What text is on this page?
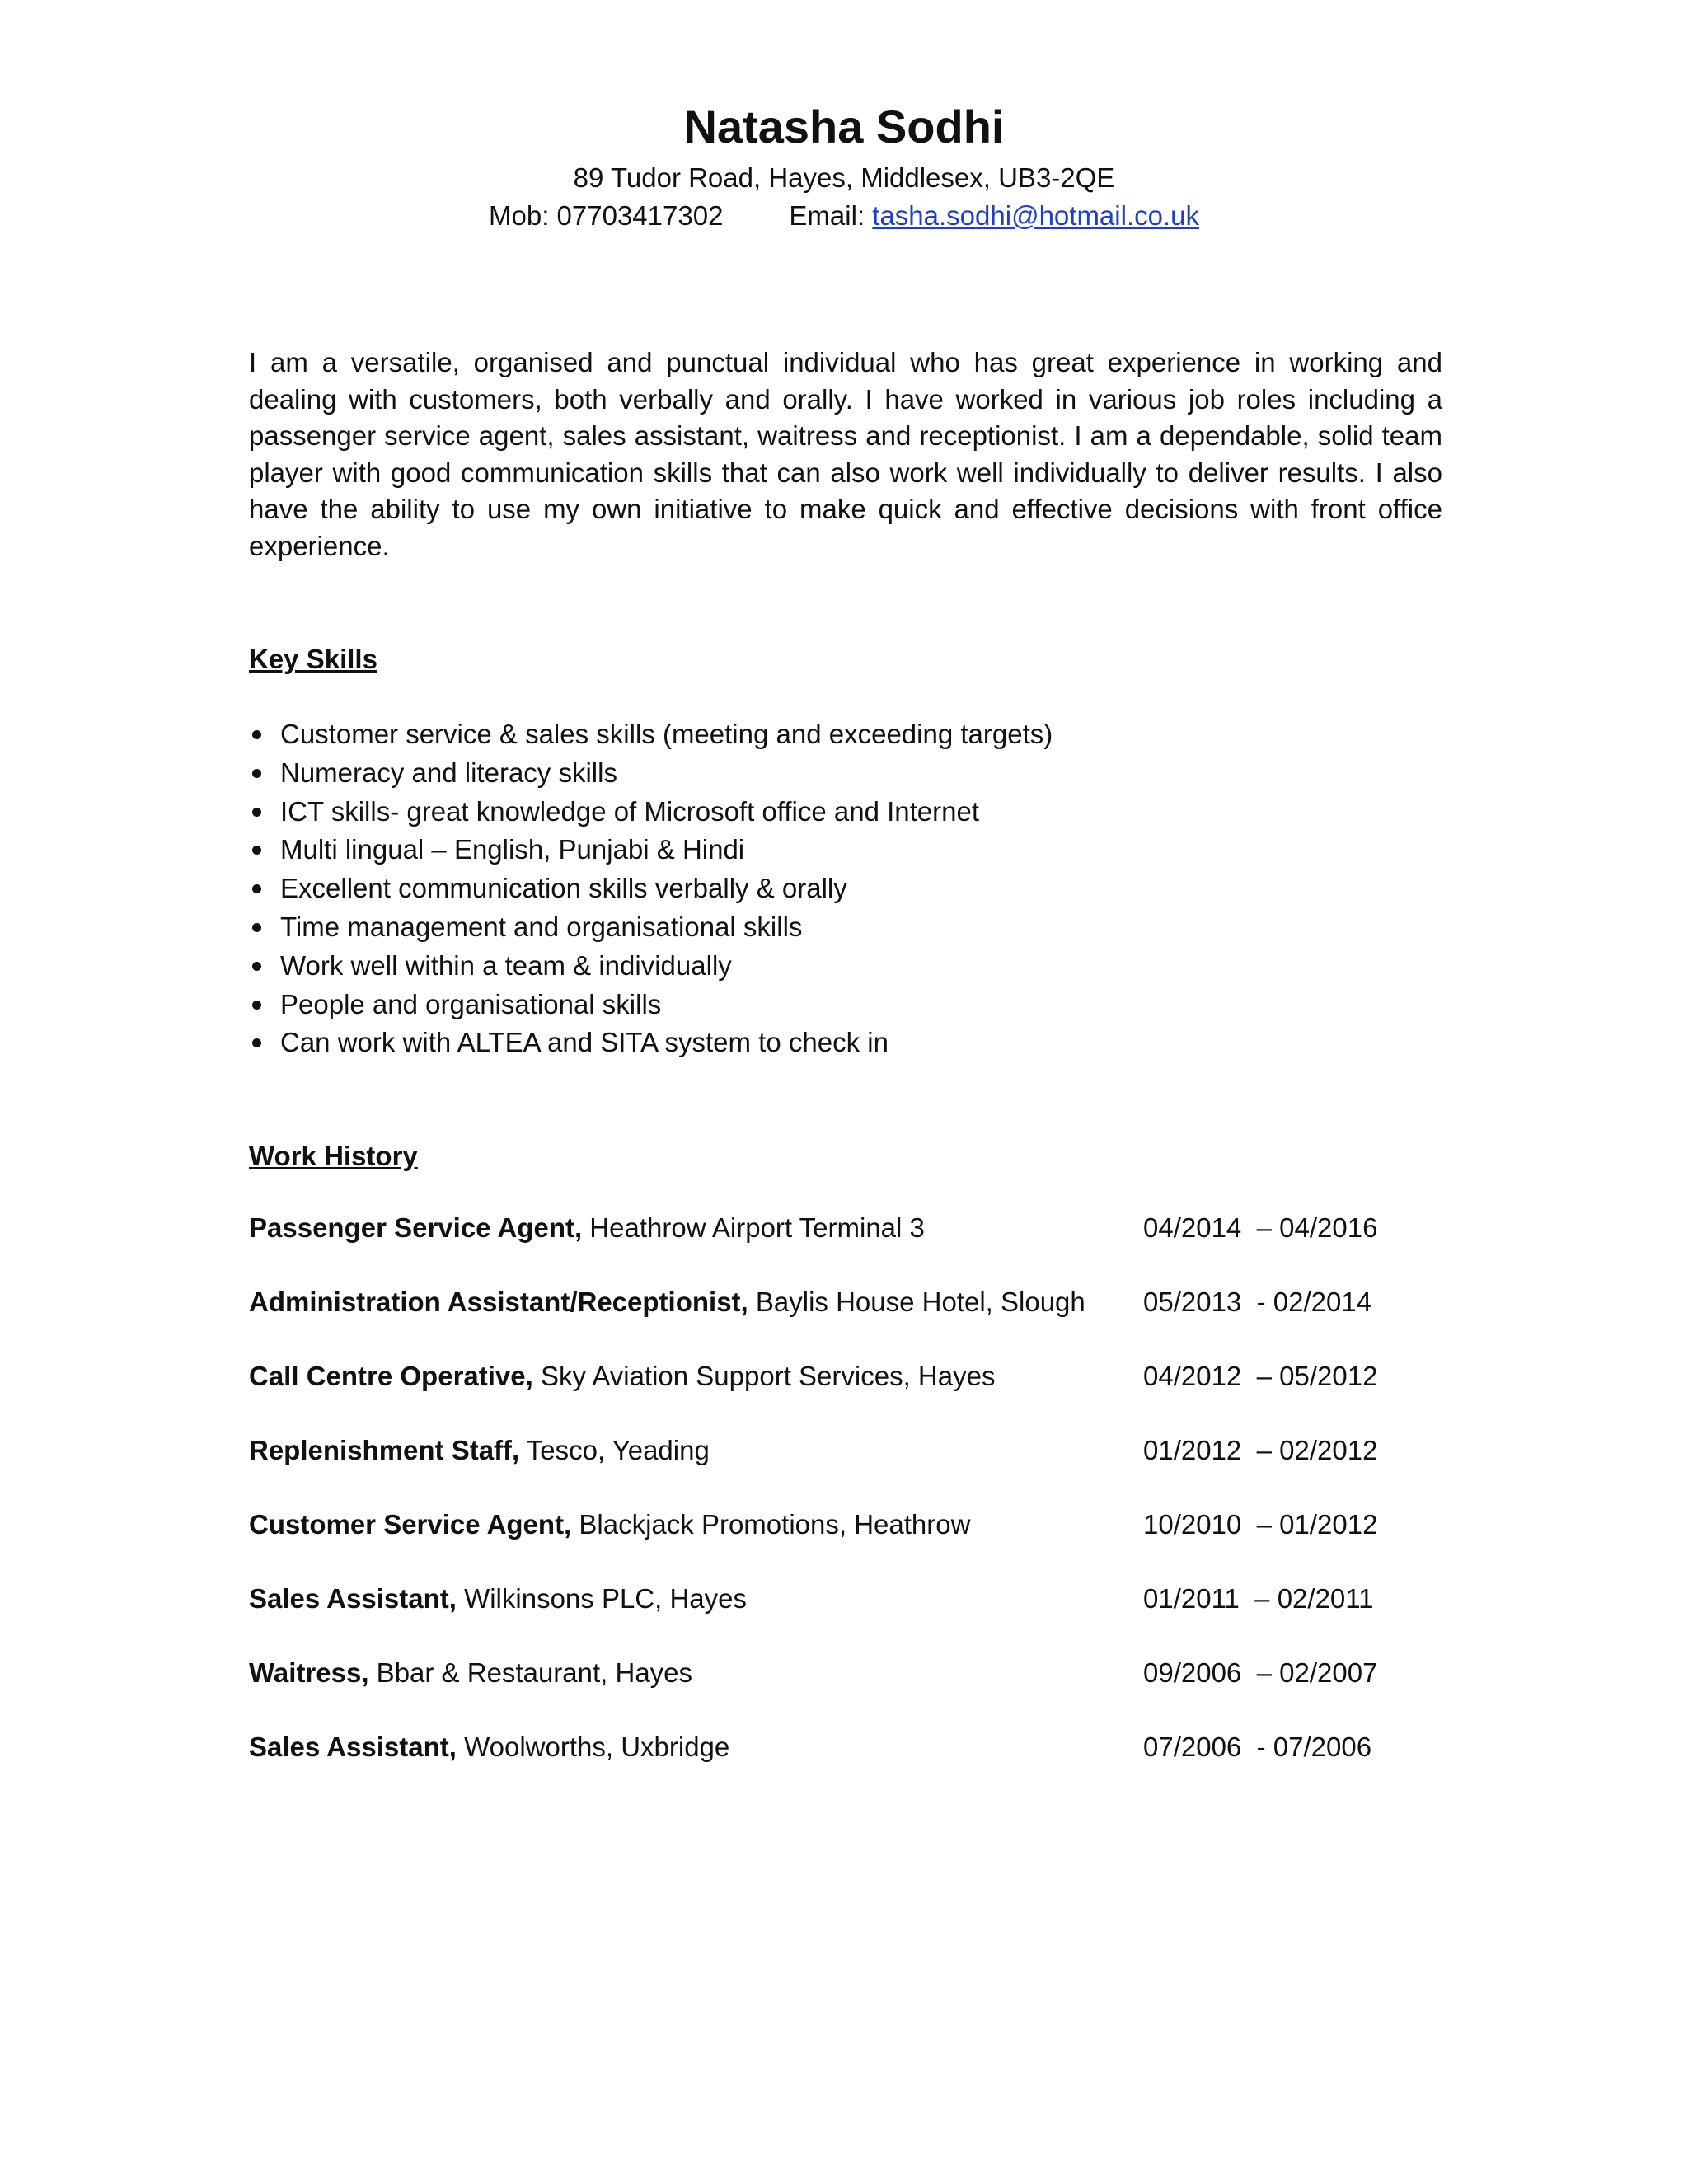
Natasha Sodhi
89 Tudor Road, Hayes, Middlesex, UB3-2QE
Mob: 07703417302 Email: tasha.sodhi@hotmail.co.uk

I am a versatile, organised and punctual individual who has great experience in working and dealing with customers, both verbally and orally. I have worked in various job roles including a passenger service agent, sales assistant, waitress and receptionist. I am a dependable, solid team player with good communication skills that can also work well individually to deliver results. I also have the ability to use my own initiative to make quick and effective decisions with front office experience.

Key Skills
Customer service & sales skills (meeting and exceeding targets)
Numeracy and literacy skills
ICT skills- great knowledge of Microsoft office and Internet
Multi lingual – English, Punjabi & Hindi
Excellent communication skills verbally & orally
Time management and organisational skills
Work well within a team & individually
People and organisational skills
Can work with ALTEA and SITA system to check in
Work History
Passenger Service Agent, Heathrow Airport Terminal 3	04/2014  – 04/2016
Administration Assistant/Receptionist, Baylis House Hotel, Slough 05/2013  - 02/2014
Call Centre Operative, Sky Aviation Support Services, Hayes	04/2012  – 05/2012
Replenishment Staff, Tesco, Yeading	01/2012  – 02/2012
Customer Service Agent, Blackjack Promotions, Heathrow	10/2010  – 01/2012
Sales Assistant, Wilkinsons PLC, Hayes	01/2011  – 02/2011
Waitress, Bbar & Restaurant, Hayes	09/2006  – 02/2007
Sales Assistant, Woolworths, Uxbridge	07/2006  - 07/2006
